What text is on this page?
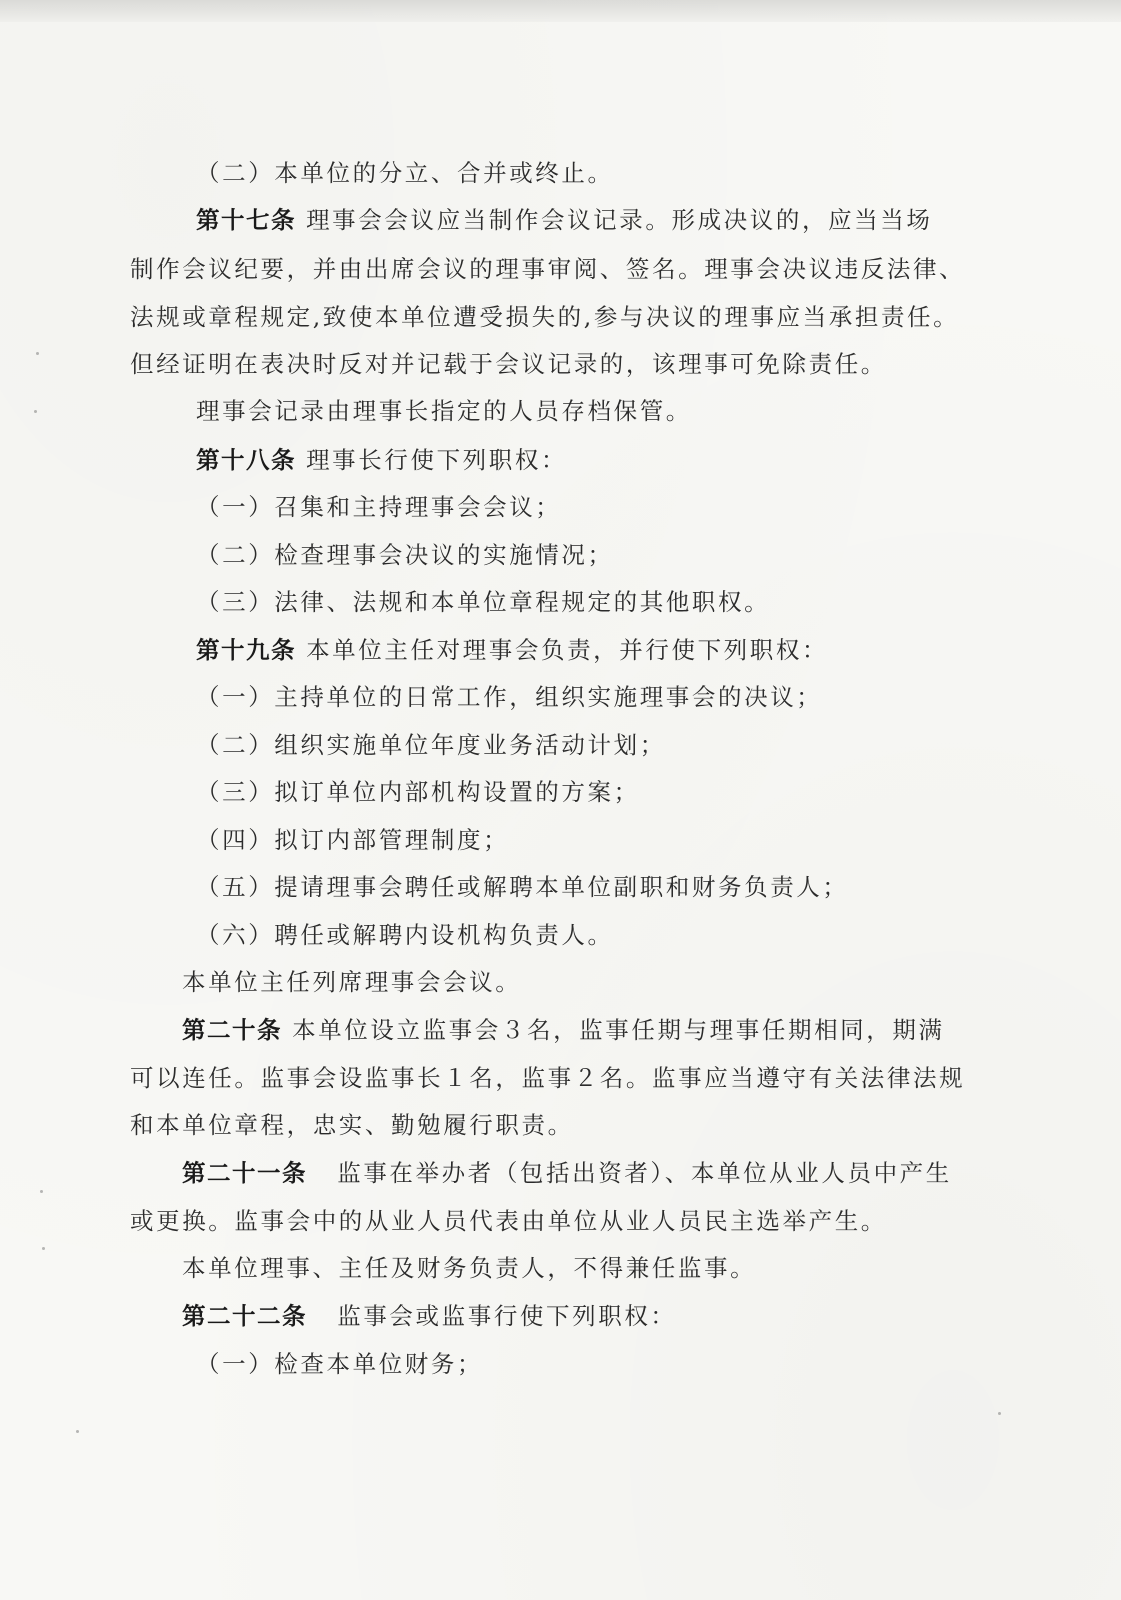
（二）本单位的分立、合并或终止。
第十七条 理事会会议应当制作会议记录。形成决议的，应当当场
制作会议纪要，并由出席会议的理事审阅、签名。理事会决议违反法律、
法规或章程规定,致使本单位遭受损失的,参与决议的理事应当承担责任。
但经证明在表决时反对并记载于会议记录的，该理事可免除责任。
理事会记录由理事长指定的人员存档保管。
第十八条 理事长行使下列职权：
（一）召集和主持理事会会议；
（二）检查理事会决议的实施情况；
（三）法律、法规和本单位章程规定的其他职权。
第十九条 本单位主任对理事会负责，并行使下列职权：
（一）主持单位的日常工作，组织实施理事会的决议；
（二）组织实施单位年度业务活动计划；
（三）拟订单位内部机构设置的方案；
（四）拟订内部管理制度；
（五）提请理事会聘任或解聘本单位副职和财务负责人；
（六）聘任或解聘内设机构负责人。
本单位主任列席理事会会议。
第二十条 本单位设立监事会３名，监事任期与理事任期相同，期满
可以连任。监事会设监事长１名，监事２名。监事应当遵守有关法律法规
和本单位章程，忠实、勤勉履行职责。
第二十一条 监事在举办者（包括出资者）、本单位从业人员中产生
或更换。监事会中的从业人员代表由单位从业人员民主选举产生。
本单位理事、主任及财务负责人，不得兼任监事。
第二十二条 监事会或监事行使下列职权：
（一）检查本单位财务；
